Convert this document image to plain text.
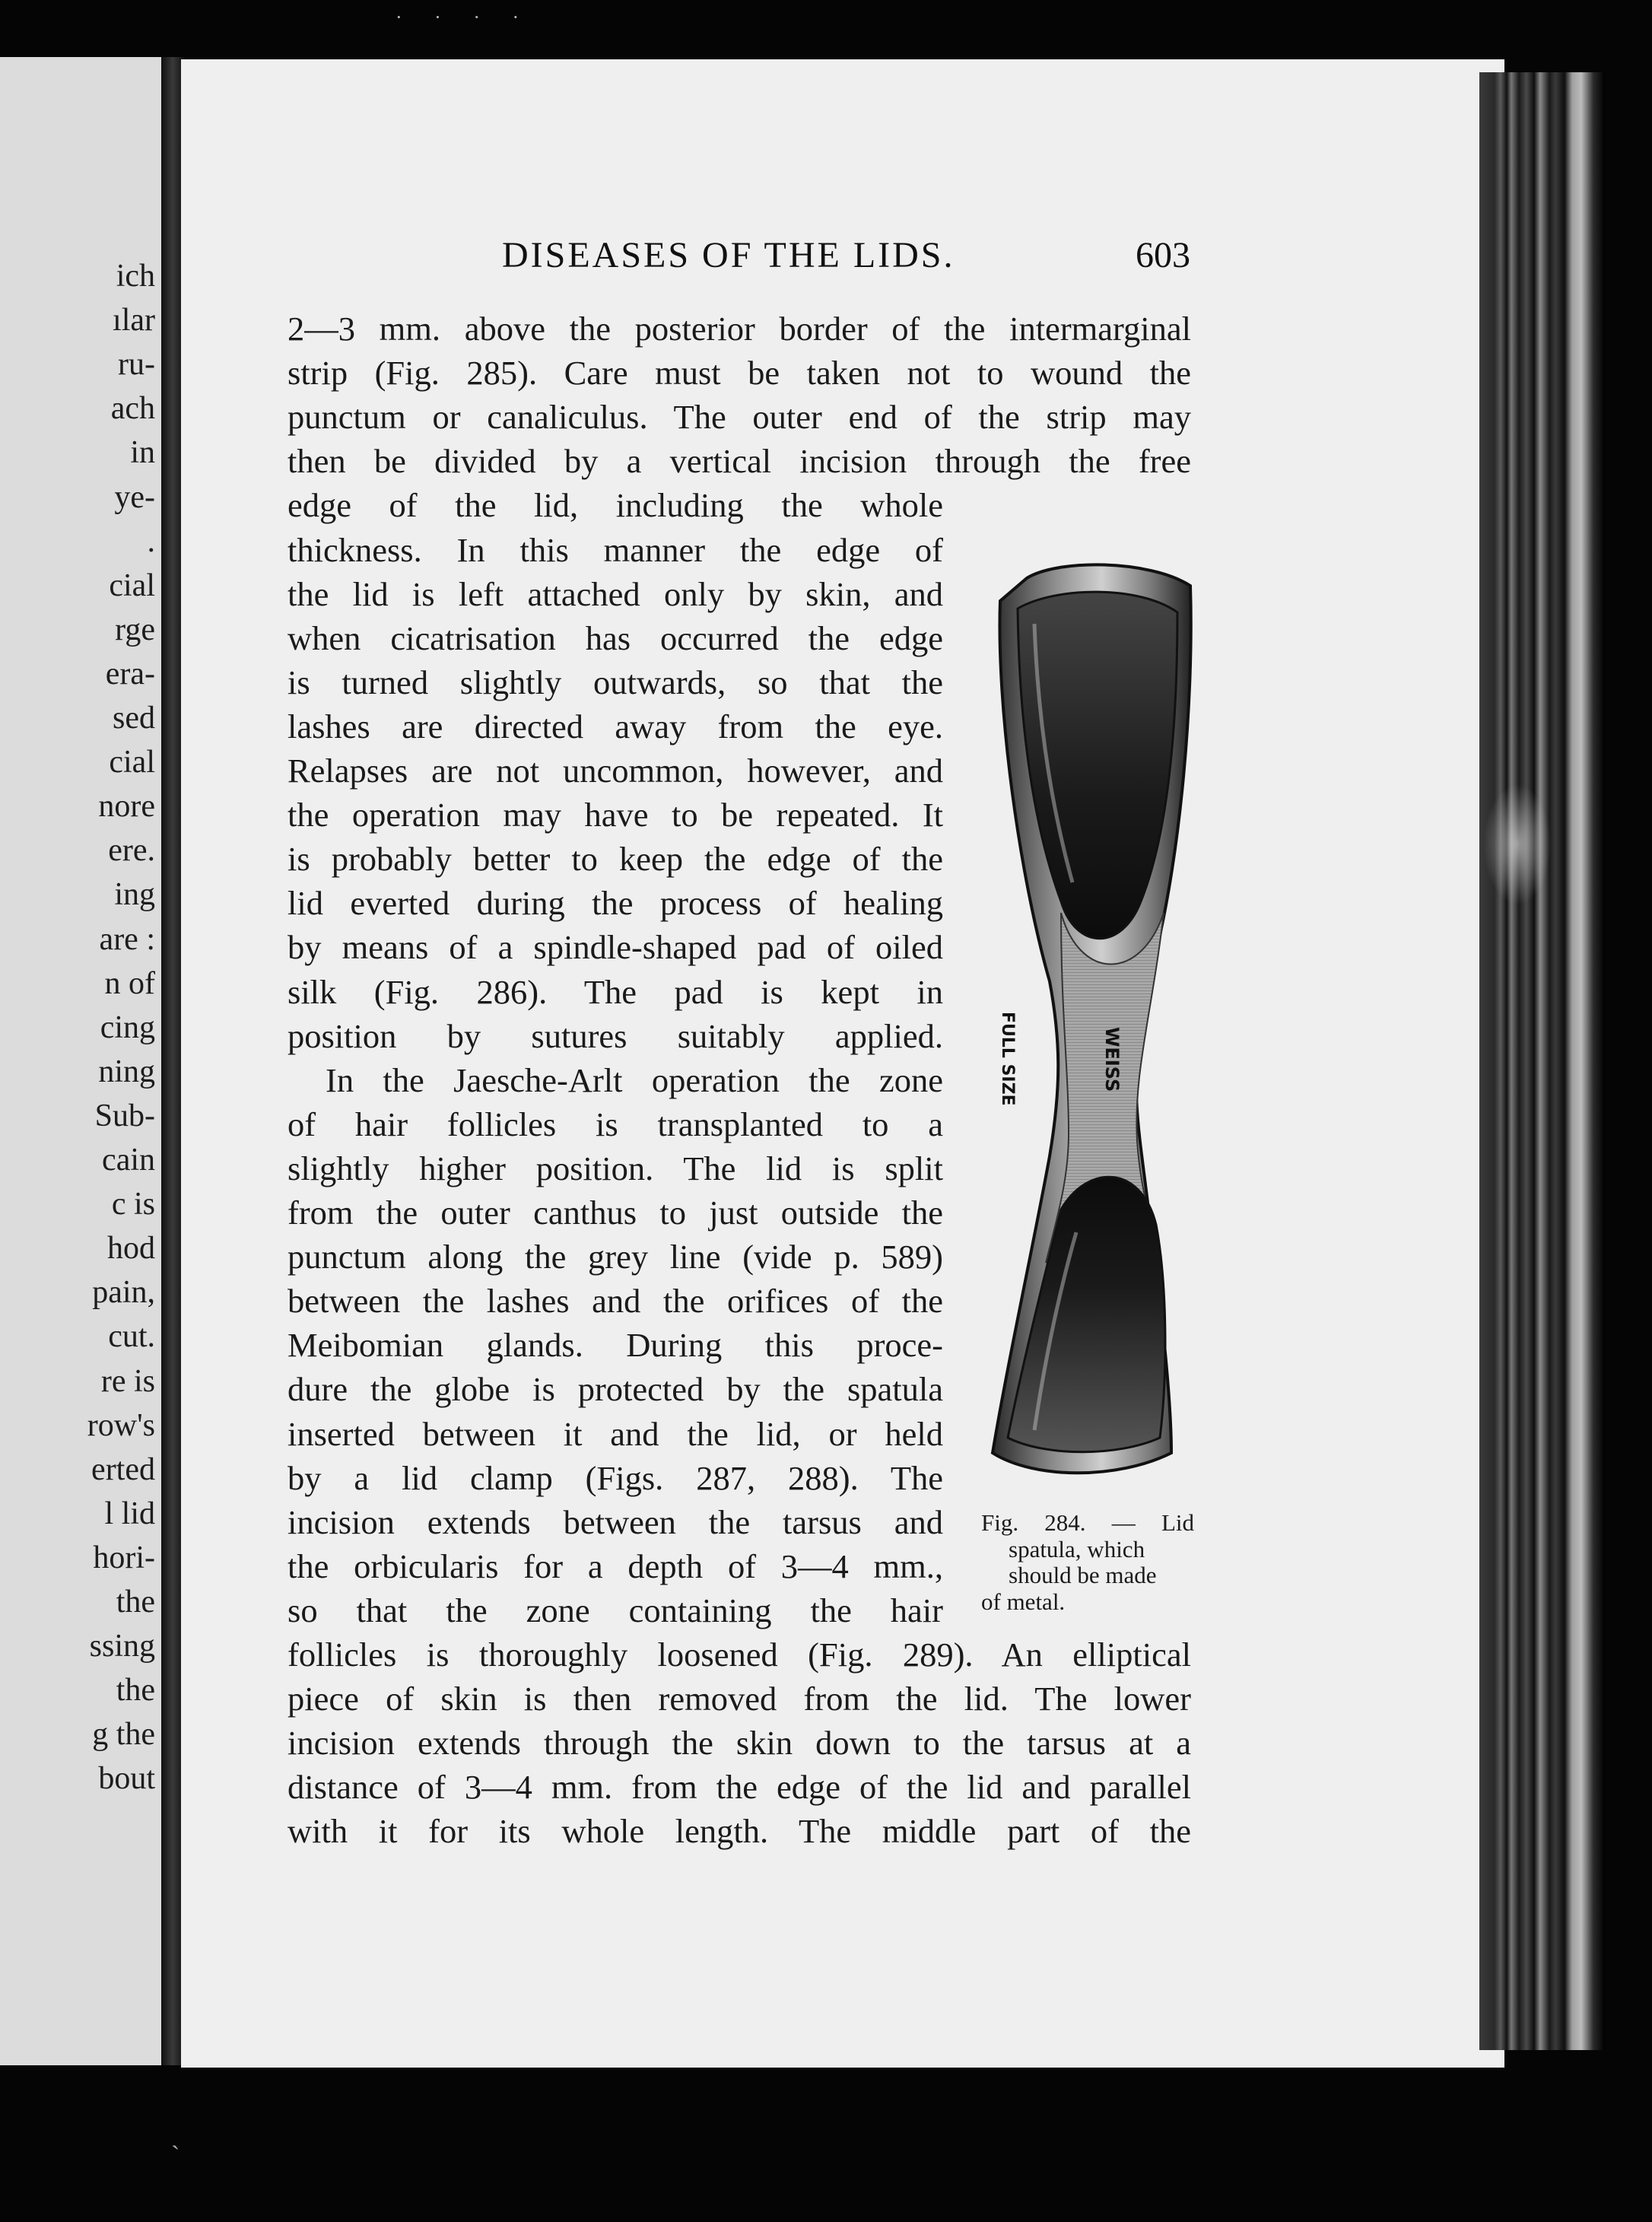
· · · ·
ich
ılar
ru-
ach
in
ye-
.
cial
rge
era-
sed
cial
nore
ere.
ing
are :
n of
cing
ning
Sub-
cain
c is
hod
pain,
cut.
re is
row's
erted
l lid
hori-
the
ssing
the
g the
bout
DISEASES OF THE LIDS.	603
2—3 mm. above the posterior border of the intermarginal
strip (Fig. 285). Care must be taken not to wound the
punctum or canaliculus. The outer end of the strip may
then be divided by a vertical incision through the free
edge of the lid, including the whole
thickness. In this manner the edge of
the lid is left attached only by skin, and
when cicatrisation has occurred the edge
is turned slightly outwards, so that the
lashes are directed away from the eye.
Relapses are not uncommon, however, and
the operation may have to be repeated. It
is probably better to keep the edge of the
lid everted during the process of healing
by means of a spindle-shaped pad of oiled
silk (Fig. 286). The pad is kept in
position by sutures suitably applied.
In the Jaesche-Arlt operation the zone
of hair follicles is transplanted to a
slightly higher position. The lid is split
from the outer canthus to just outside the
punctum along the grey line (vide p. 589)
between the lashes and the orifices of the
Meibomian glands. During this proce-
dure the globe is protected by the spatula
inserted between it and the lid, or held
by a lid clamp (Figs. 287, 288). The
incision extends between the tarsus and
the orbicularis for a depth of 3—4 mm.,
so that the zone containing the hair
follicles is thoroughly loosened (Fig. 289). An elliptical
piece of skin is then removed from the lid. The lower
incision extends through the skin down to the tarsus at a
distance of 3—4 mm. from the edge of the lid and parallel
with it for its whole length. The middle part of the
FULL SIZE	WEISS
Fig. 284. — Lid
spatula, which
should be made
of metal.
`
